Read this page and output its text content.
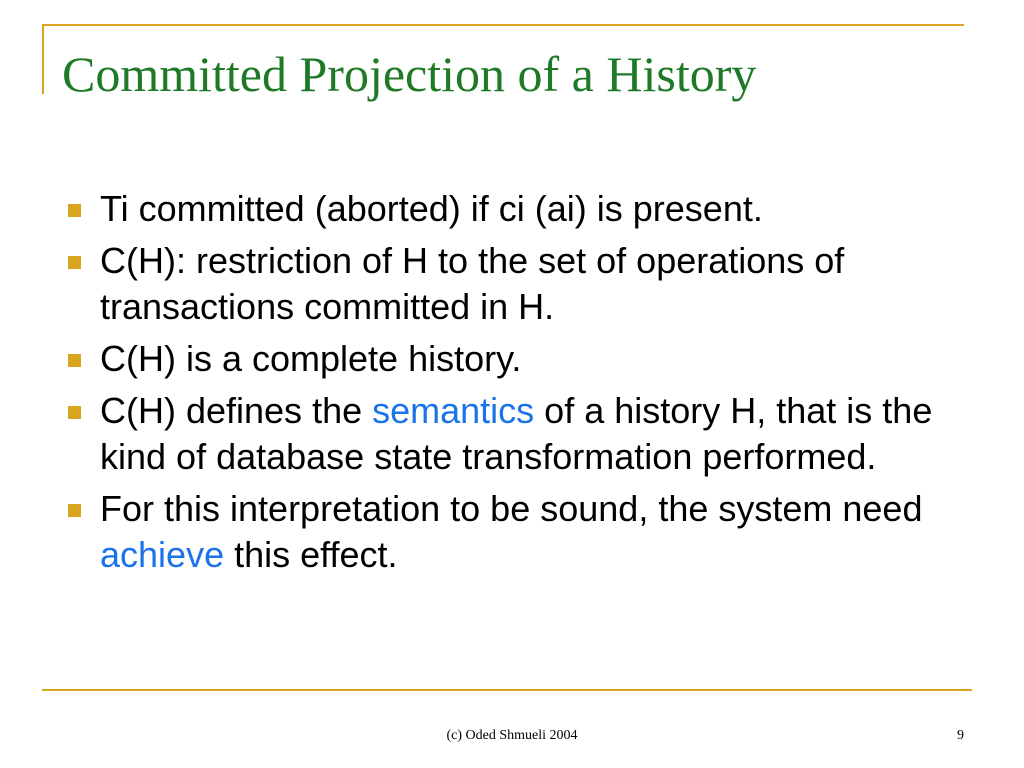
Committed Projection of a History
Ti committed (aborted) if ci (ai) is present.
C(H): restriction of H to the set of operations of transactions committed in H.
C(H) is a complete history.
C(H) defines the semantics of a history H, that is the kind of database state transformation performed.
For this interpretation to be sound, the system need achieve this effect.
(c) Oded Shmueli 2004	9
